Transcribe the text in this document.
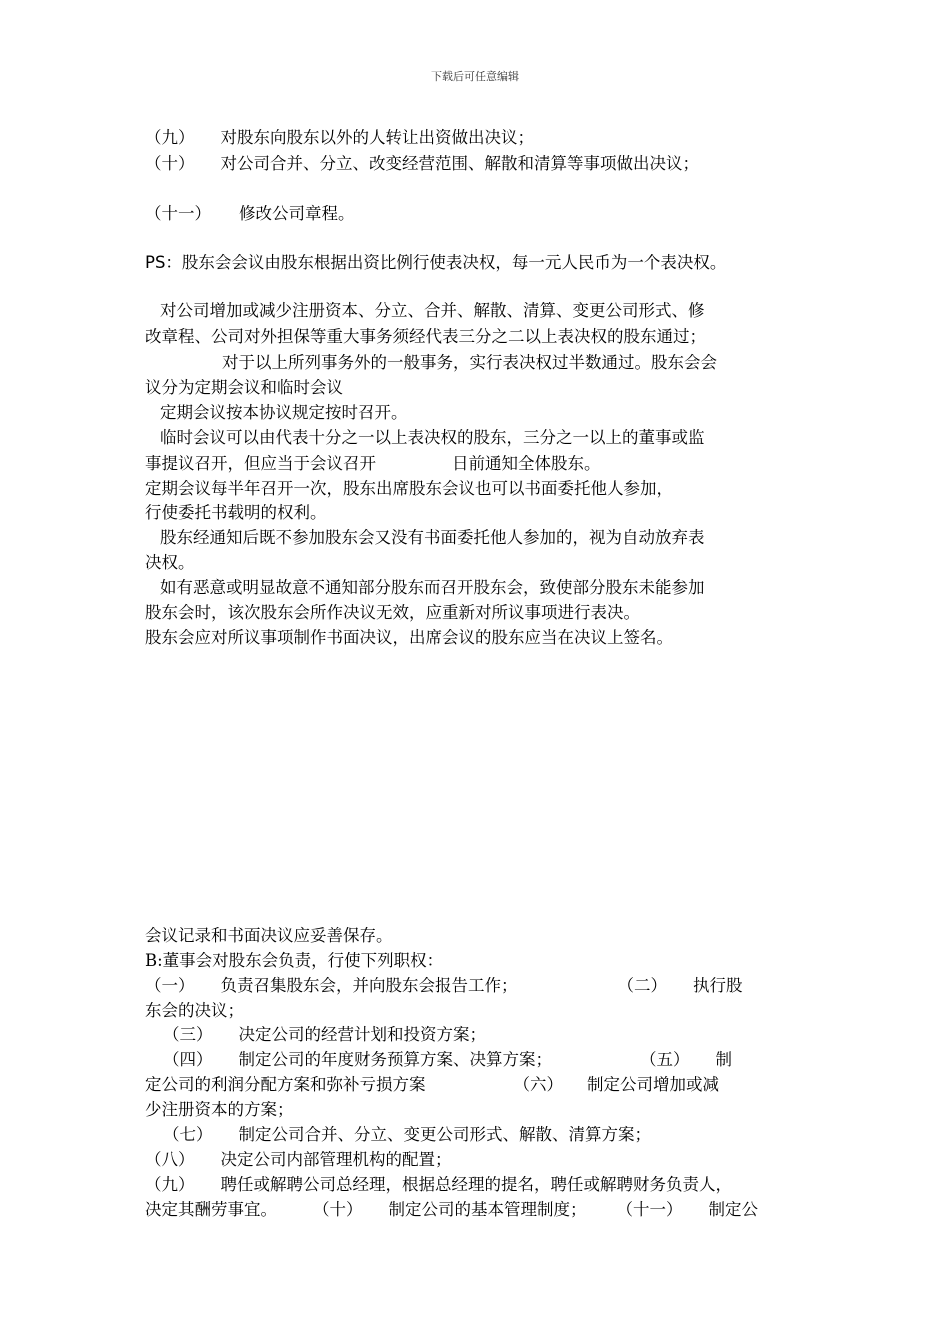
下载后可任意编辑
（九） 对股东向股东以外的人转让出资做出决议；
（十） 对公司合并、分立、改变经营范围、解散和清算等事项做出决议；
（十一） 修改公司章程。
PS：股东会会议由股东根据出资比例行使表决权，每一元人民币为一个表决权。
对公司增加或减少注册资本、分立、合并、解散、清算、变更公司形式、修
改章程、公司对外担保等重大事务须经代表三分之二以上表决权的股东通过；
对于以上所列事务外的一般事务，实行表决权过半数通过。股东会会
议分为定期会议和临时会议
定期会议按本协议规定按时召开。
临时会议可以由代表十分之一以上表决权的股东，三分之一以上的董事或监
事提议召开，但应当于会议召开	日前通知全体股东。
定期会议每半年召开一次，股东出席股东会议也可以书面委托他人参加，
行使委托书载明的权利。
股东经通知后既不参加股东会又没有书面委托他人参加的，视为自动放弃表
决权。
如有恶意或明显故意不通知部分股东而召开股东会，致使部分股东未能参加
股东会时，该次股东会所作决议无效，应重新对所议事项进行表决。
股东会应对所议事项制作书面决议，出席会议的股东应当在决议上签名。
会议记录和书面决议应妥善保存。
B:董事会对股东会负责，行使下列职权：
（一） 负责召集股东会，并向股东会报告工作；	（二） 执行股
东会的决议；
（三） 决定公司的经营计划和投资方案；
（四） 制定公司的年度财务预算方案、决算方案；	（五） 制
定公司的利润分配方案和弥补亏损方案	（六） 制定公司增加或减
少注册资本的方案；
（七） 制定公司合并、分立、变更公司形式、解散、清算方案；
（八） 决定公司内部管理机构的配置；
（九） 聘任或解聘公司总经理，根据总经理的提名，聘任或解聘财务负责人，
决定其酬劳事宜。 （十） 制定公司的基本管理制度； （十一） 制定公
